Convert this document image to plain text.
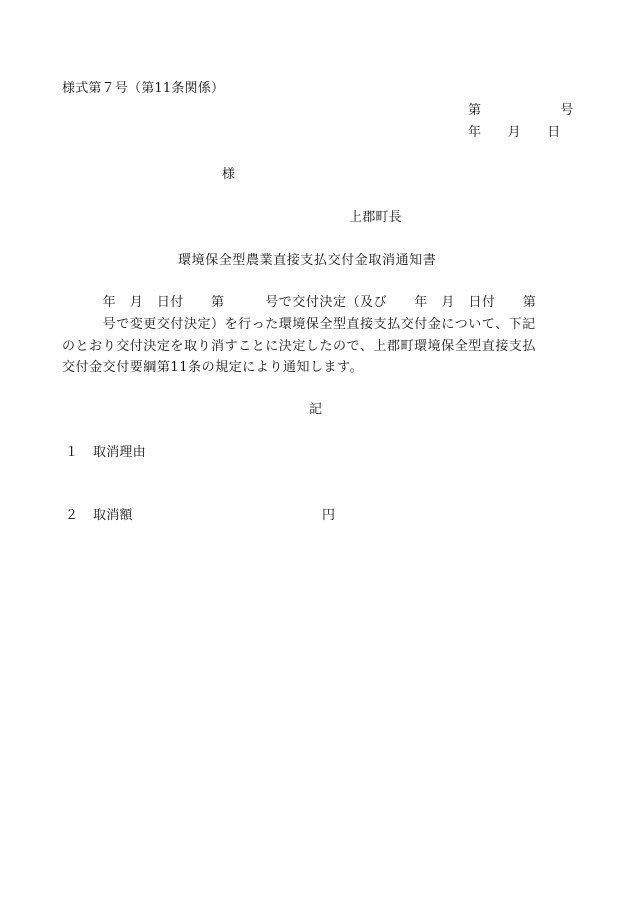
様式第７号（第11条関係）
第　　　　　　号
年　　月　　日
様
上郡町長
環境保全型農業直接支払交付金取消通知書
　　　年　月　日付　　第　　　号で交付決定（及び　　年　月　日付　　第
　　　号で変更交付決定）を行った環境保全型直接支払交付金について、下記
のとおり交付決定を取り消すことに決定したので、上郡町環境保全型直接支払
交付金交付要綱第11条の規定により通知します。
記
１ 取消理由
２ 取消額	円
